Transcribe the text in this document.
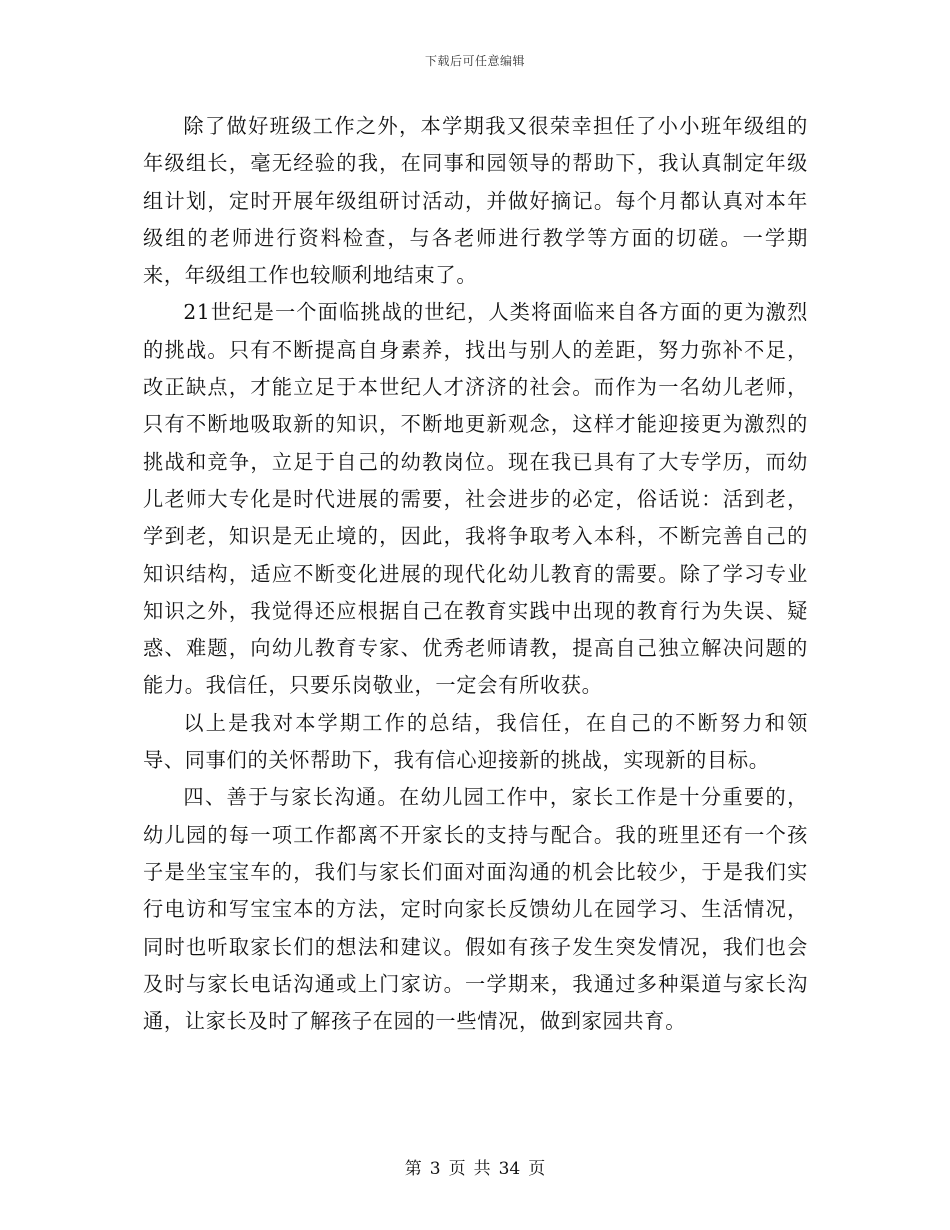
下载后可任意编辑

除了做好班级工作之外，本学期我又很荣幸担任了小小班年级组的年级组长，毫无经验的我，在同事和园领导的帮助下，我认真制定年级组计划，定时开展年级组研讨活动，并做好摘记。每个月都认真对本年级组的老师进行资料检查，与各老师进行教学等方面的切磋。一学期来，年级组工作也较顺利地结束了。

21世纪是一个面临挑战的世纪，人类将面临来自各方面的更为激烈的挑战。只有不断提高自身素养，找出与别人的差距，努力弥补不足，改正缺点，才能立足于本世纪人才济济的社会。而作为一名幼儿老师，只有不断地吸取新的知识，不断地更新观念，这样才能迎接更为激烈的挑战和竞争，立足于自己的幼教岗位。现在我已具有了大专学历，而幼儿老师大专化是时代进展的需要，社会进步的必定，俗话说：活到老，学到老，知识是无止境的，因此，我将争取考入本科，不断完善自己的知识结构，适应不断变化进展的现代化幼儿教育的需要。除了学习专业知识之外，我觉得还应根据自己在教育实践中出现的教育行为失误、疑惑、难题，向幼儿教育专家、优秀老师请教，提高自己独立解决问题的能力。我信任，只要乐岗敬业，一定会有所收获。

以上是我对本学期工作的总结，我信任，在自己的不断努力和领导、同事们的关怀帮助下，我有信心迎接新的挑战，实现新的目标。

四、善于与家长沟通。在幼儿园工作中，家长工作是十分重要的，幼儿园的每一项工作都离不开家长的支持与配合。我的班里还有一个孩子是坐宝宝车的，我们与家长们面对面沟通的机会比较少，于是我们实行电访和写宝宝本的方法，定时向家长反馈幼儿在园学习、生活情况，同时也听取家长们的想法和建议。假如有孩子发生突发情况，我们也会及时与家长电话沟通或上门家访。一学期来，我通过多种渠道与家长沟通，让家长及时了解孩子在园的一些情况，做到家园共育。

第 3 页 共 34 页
